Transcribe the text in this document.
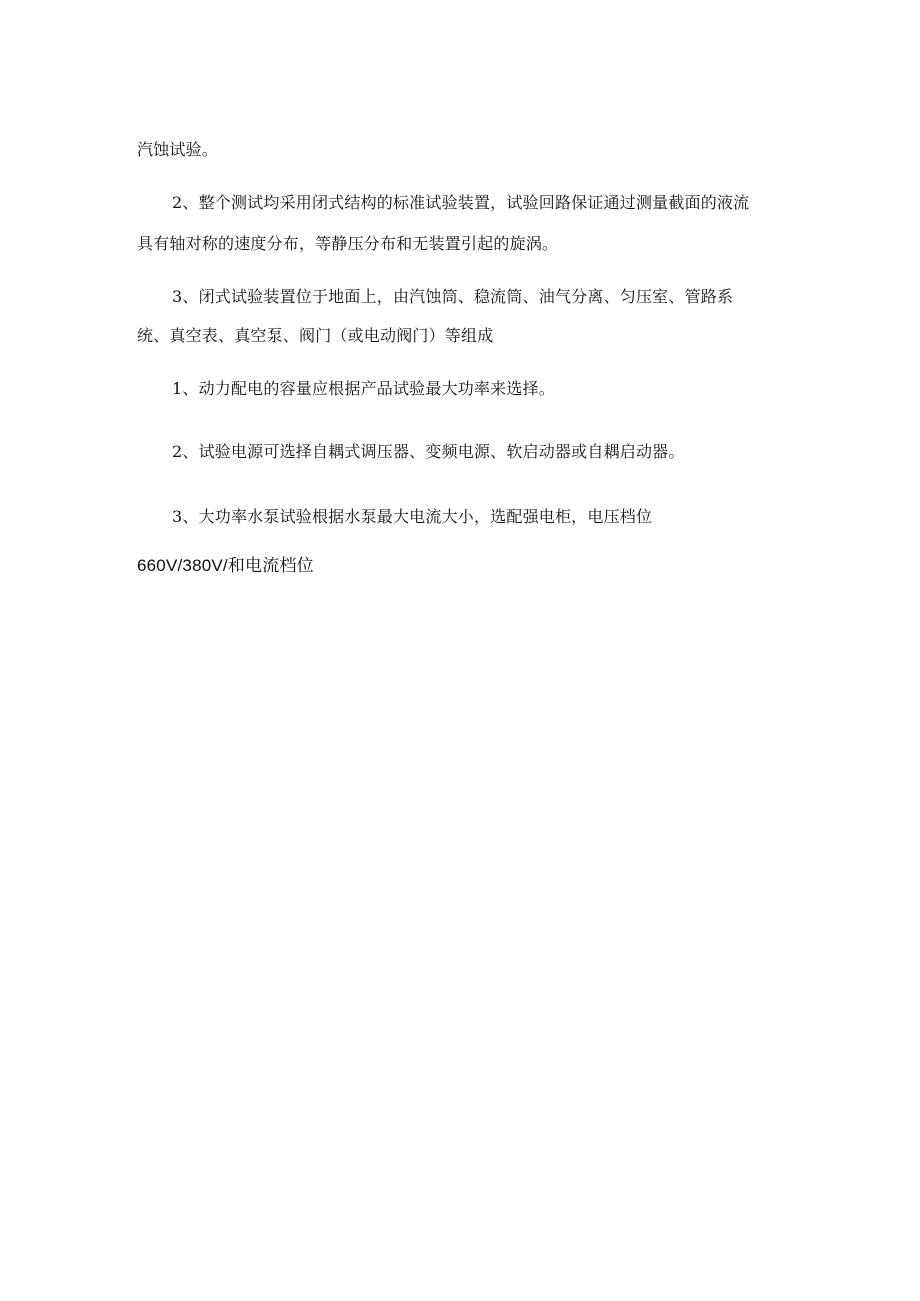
汽蚀试验。
2、整个测试均采用闭式结构的标准试验装置，试验回路保证通过测量截面的液流
具有轴对称的速度分布，等静压分布和无装置引起的旋涡。
3、闭式试验装置位于地面上，由汽蚀筒、稳流筒、油气分离、匀压室、管路系
统、真空表、真空泵、阀门（或电动阀门）等组成
1、动力配电的容量应根据产品试验最大功率来选择。
2、试验电源可选择自耦式调压器、变频电源、软启动器或自耦启动器。
3、大功率水泵试验根据水泵最大电流大小，选配强电柜，电压档位
660V/380V/和电流档位
